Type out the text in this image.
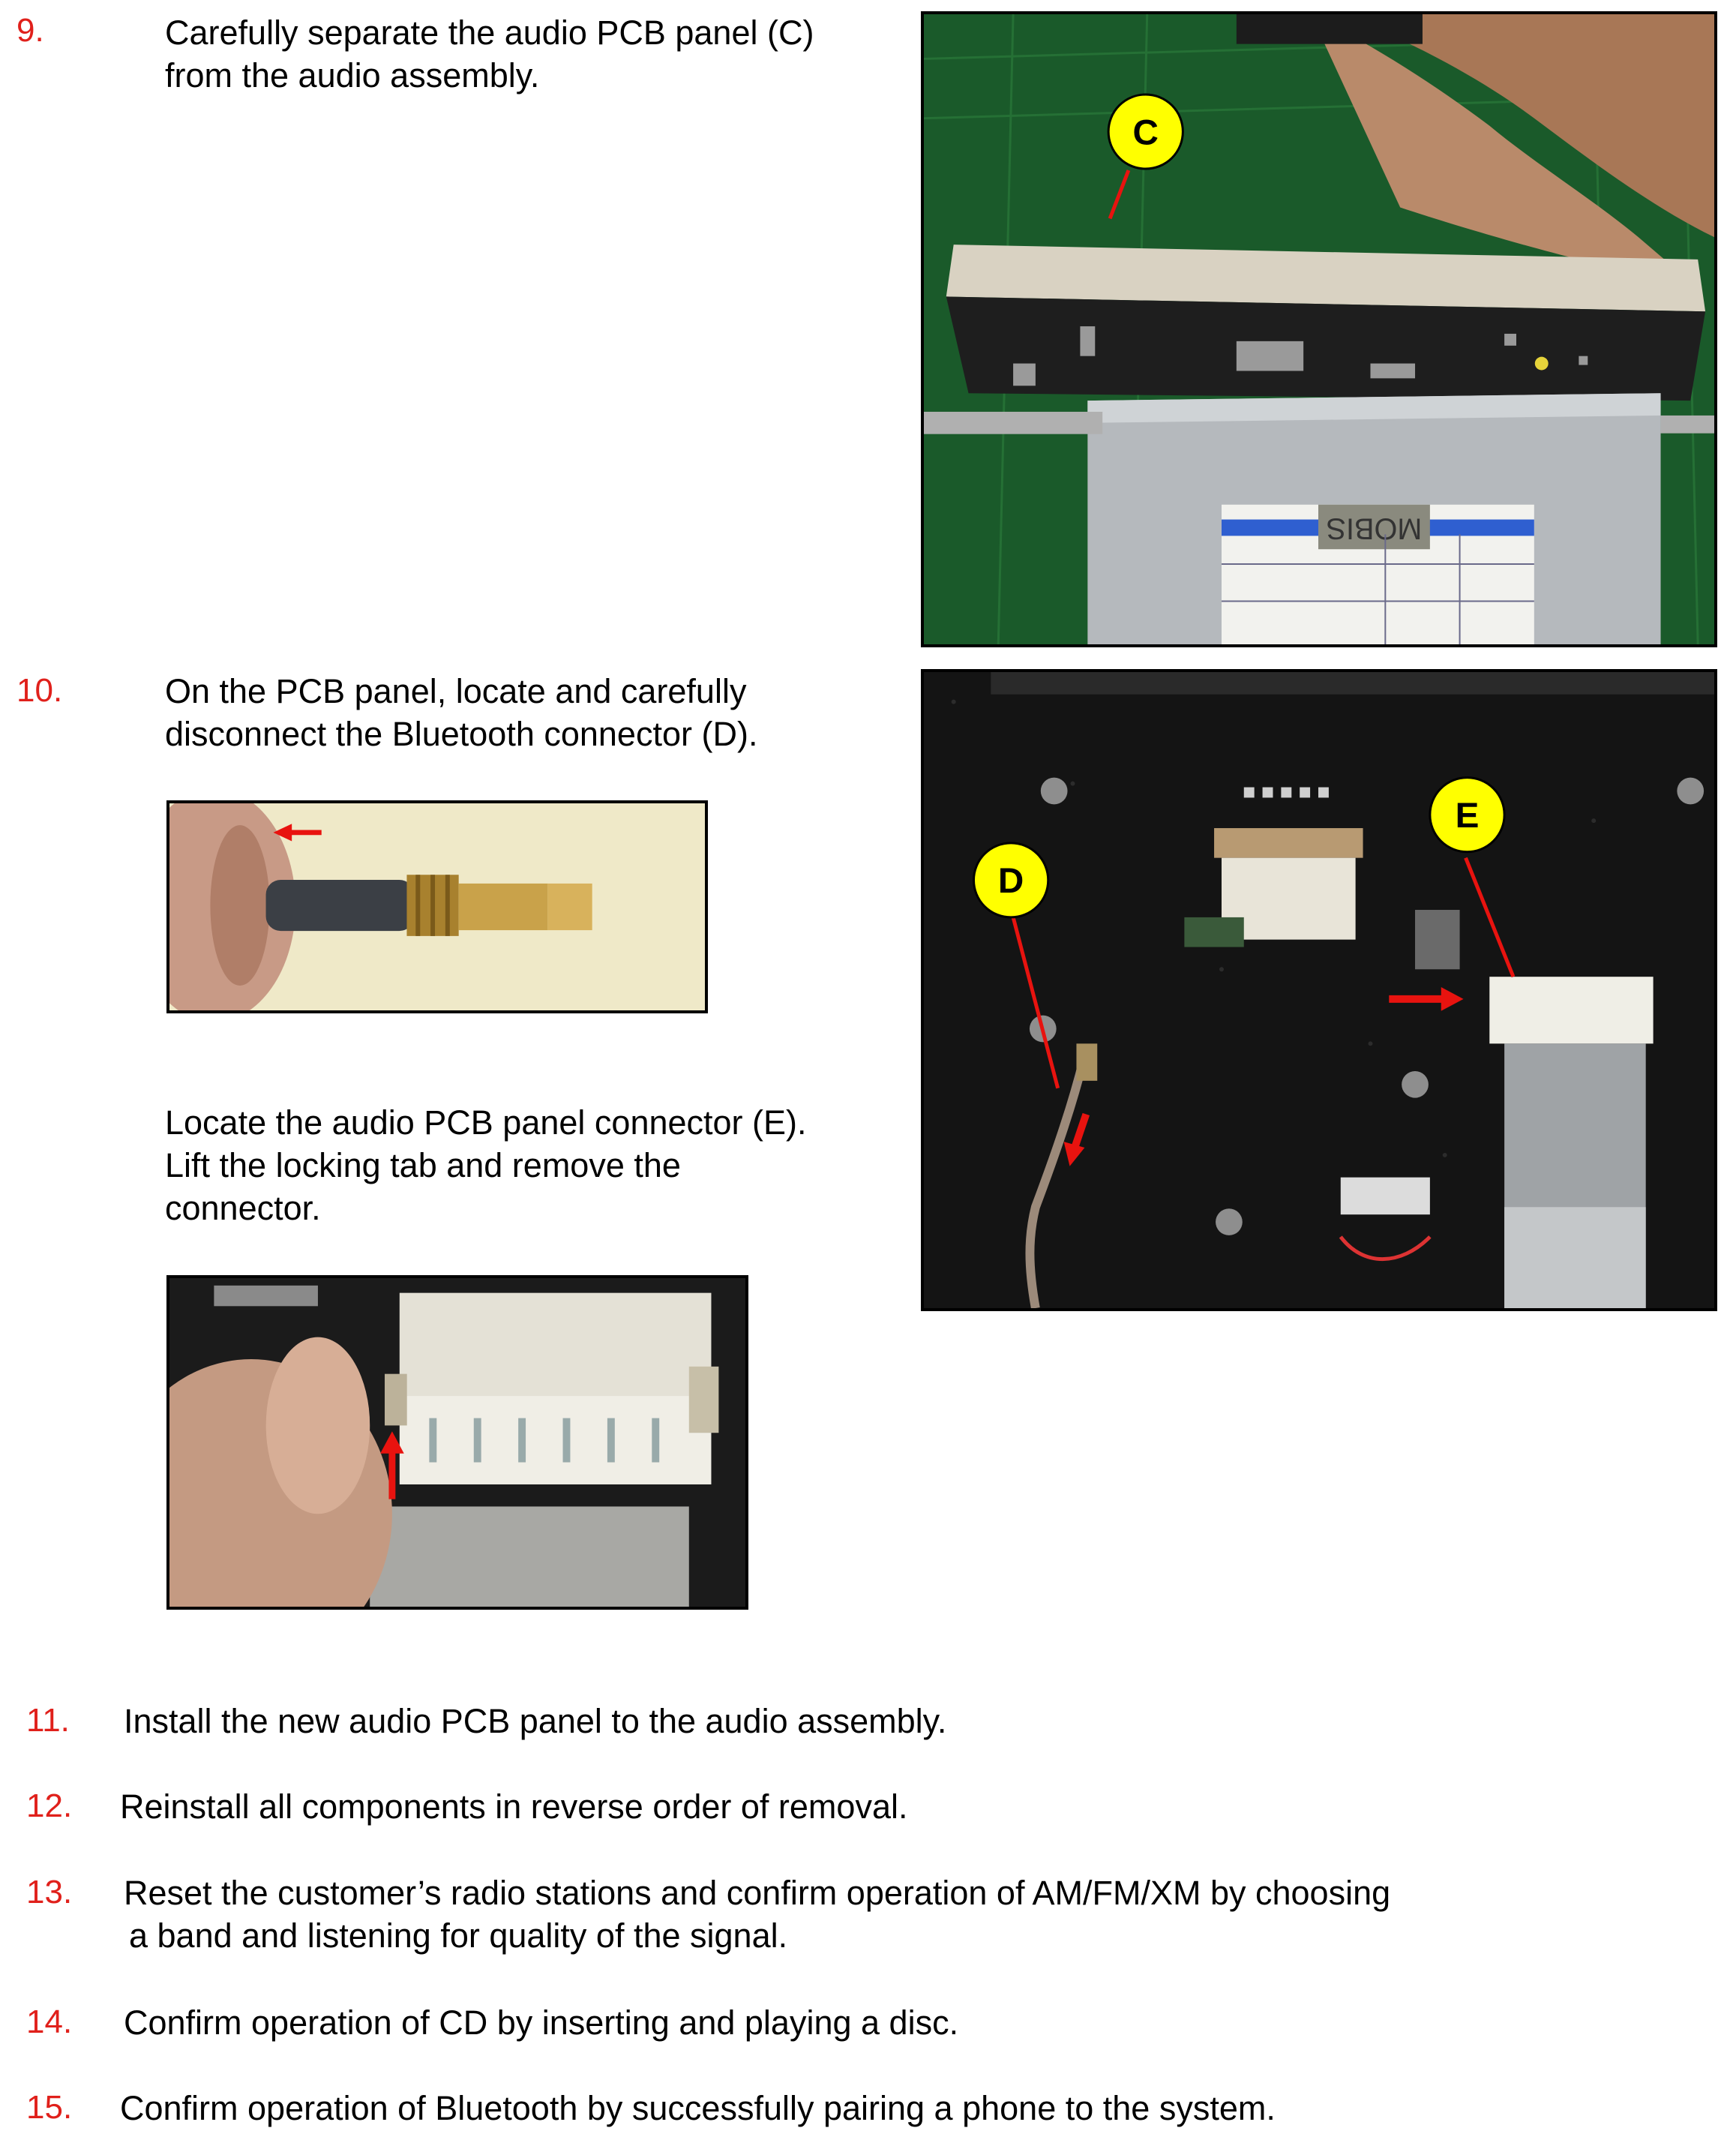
9.	Carefully separate the audio PCB panel (C)
from the audio assembly.
MOBIS
C
10.	On the PCB panel, locate and carefully
disconnect the Bluetooth connector (D).
Locate the audio PCB panel connector (E).
Lift the locking tab and remove the
connector.
D
E
11. Install the new audio PCB panel to the audio assembly.
12. Reinstall all components in reverse order of removal.
13. Reset the customer’s radio stations and confirm operation of AM/FM/XM by choosing
a band and listening for quality of the signal.
14. Confirm operation of CD by inserting and playing a disc.
15. Confirm operation of Bluetooth by successfully pairing a phone to the system.
